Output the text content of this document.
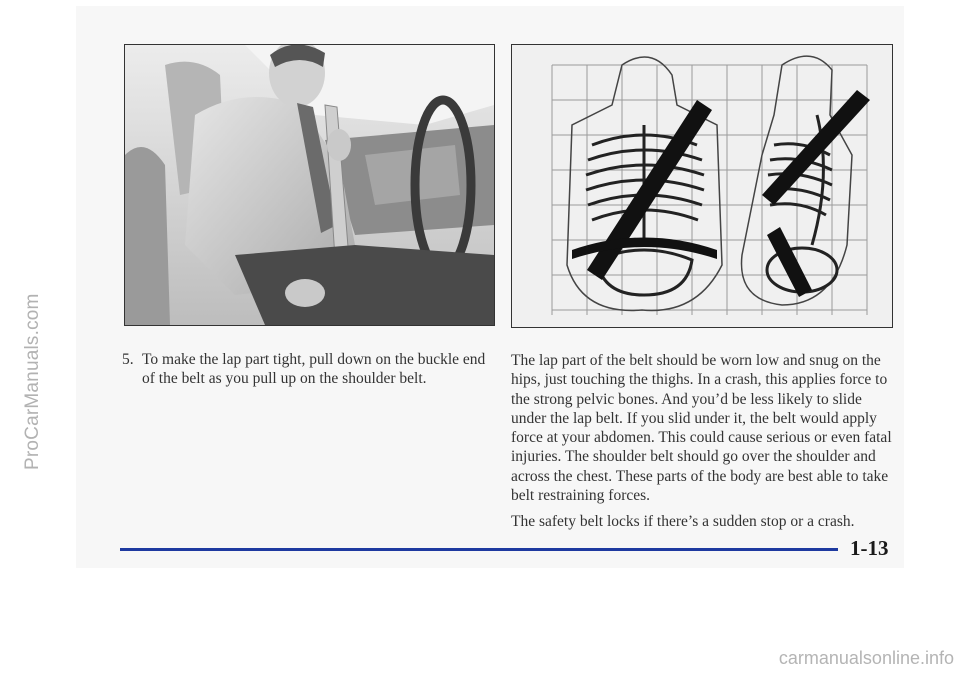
ProCarManuals.com	5. To make the lap part tight, pull down on the buckle end of the belt as you pull up on the shoulder belt.

The lap part of the belt should be worn low and snug on the hips, just touching the thighs. In a crash, this applies force to the strong pelvic bones. And you’d be less likely to slide under the lap belt. If you slid under it, the belt would apply force at your abdomen. This could cause serious or even fatal injuries. The shoulder belt should go over the shoulder and across the chest. These parts of the body are best able to take belt restraining forces.

The safety belt locks if there’s a sudden stop or a crash.

1-13
carmanualsonline.info
